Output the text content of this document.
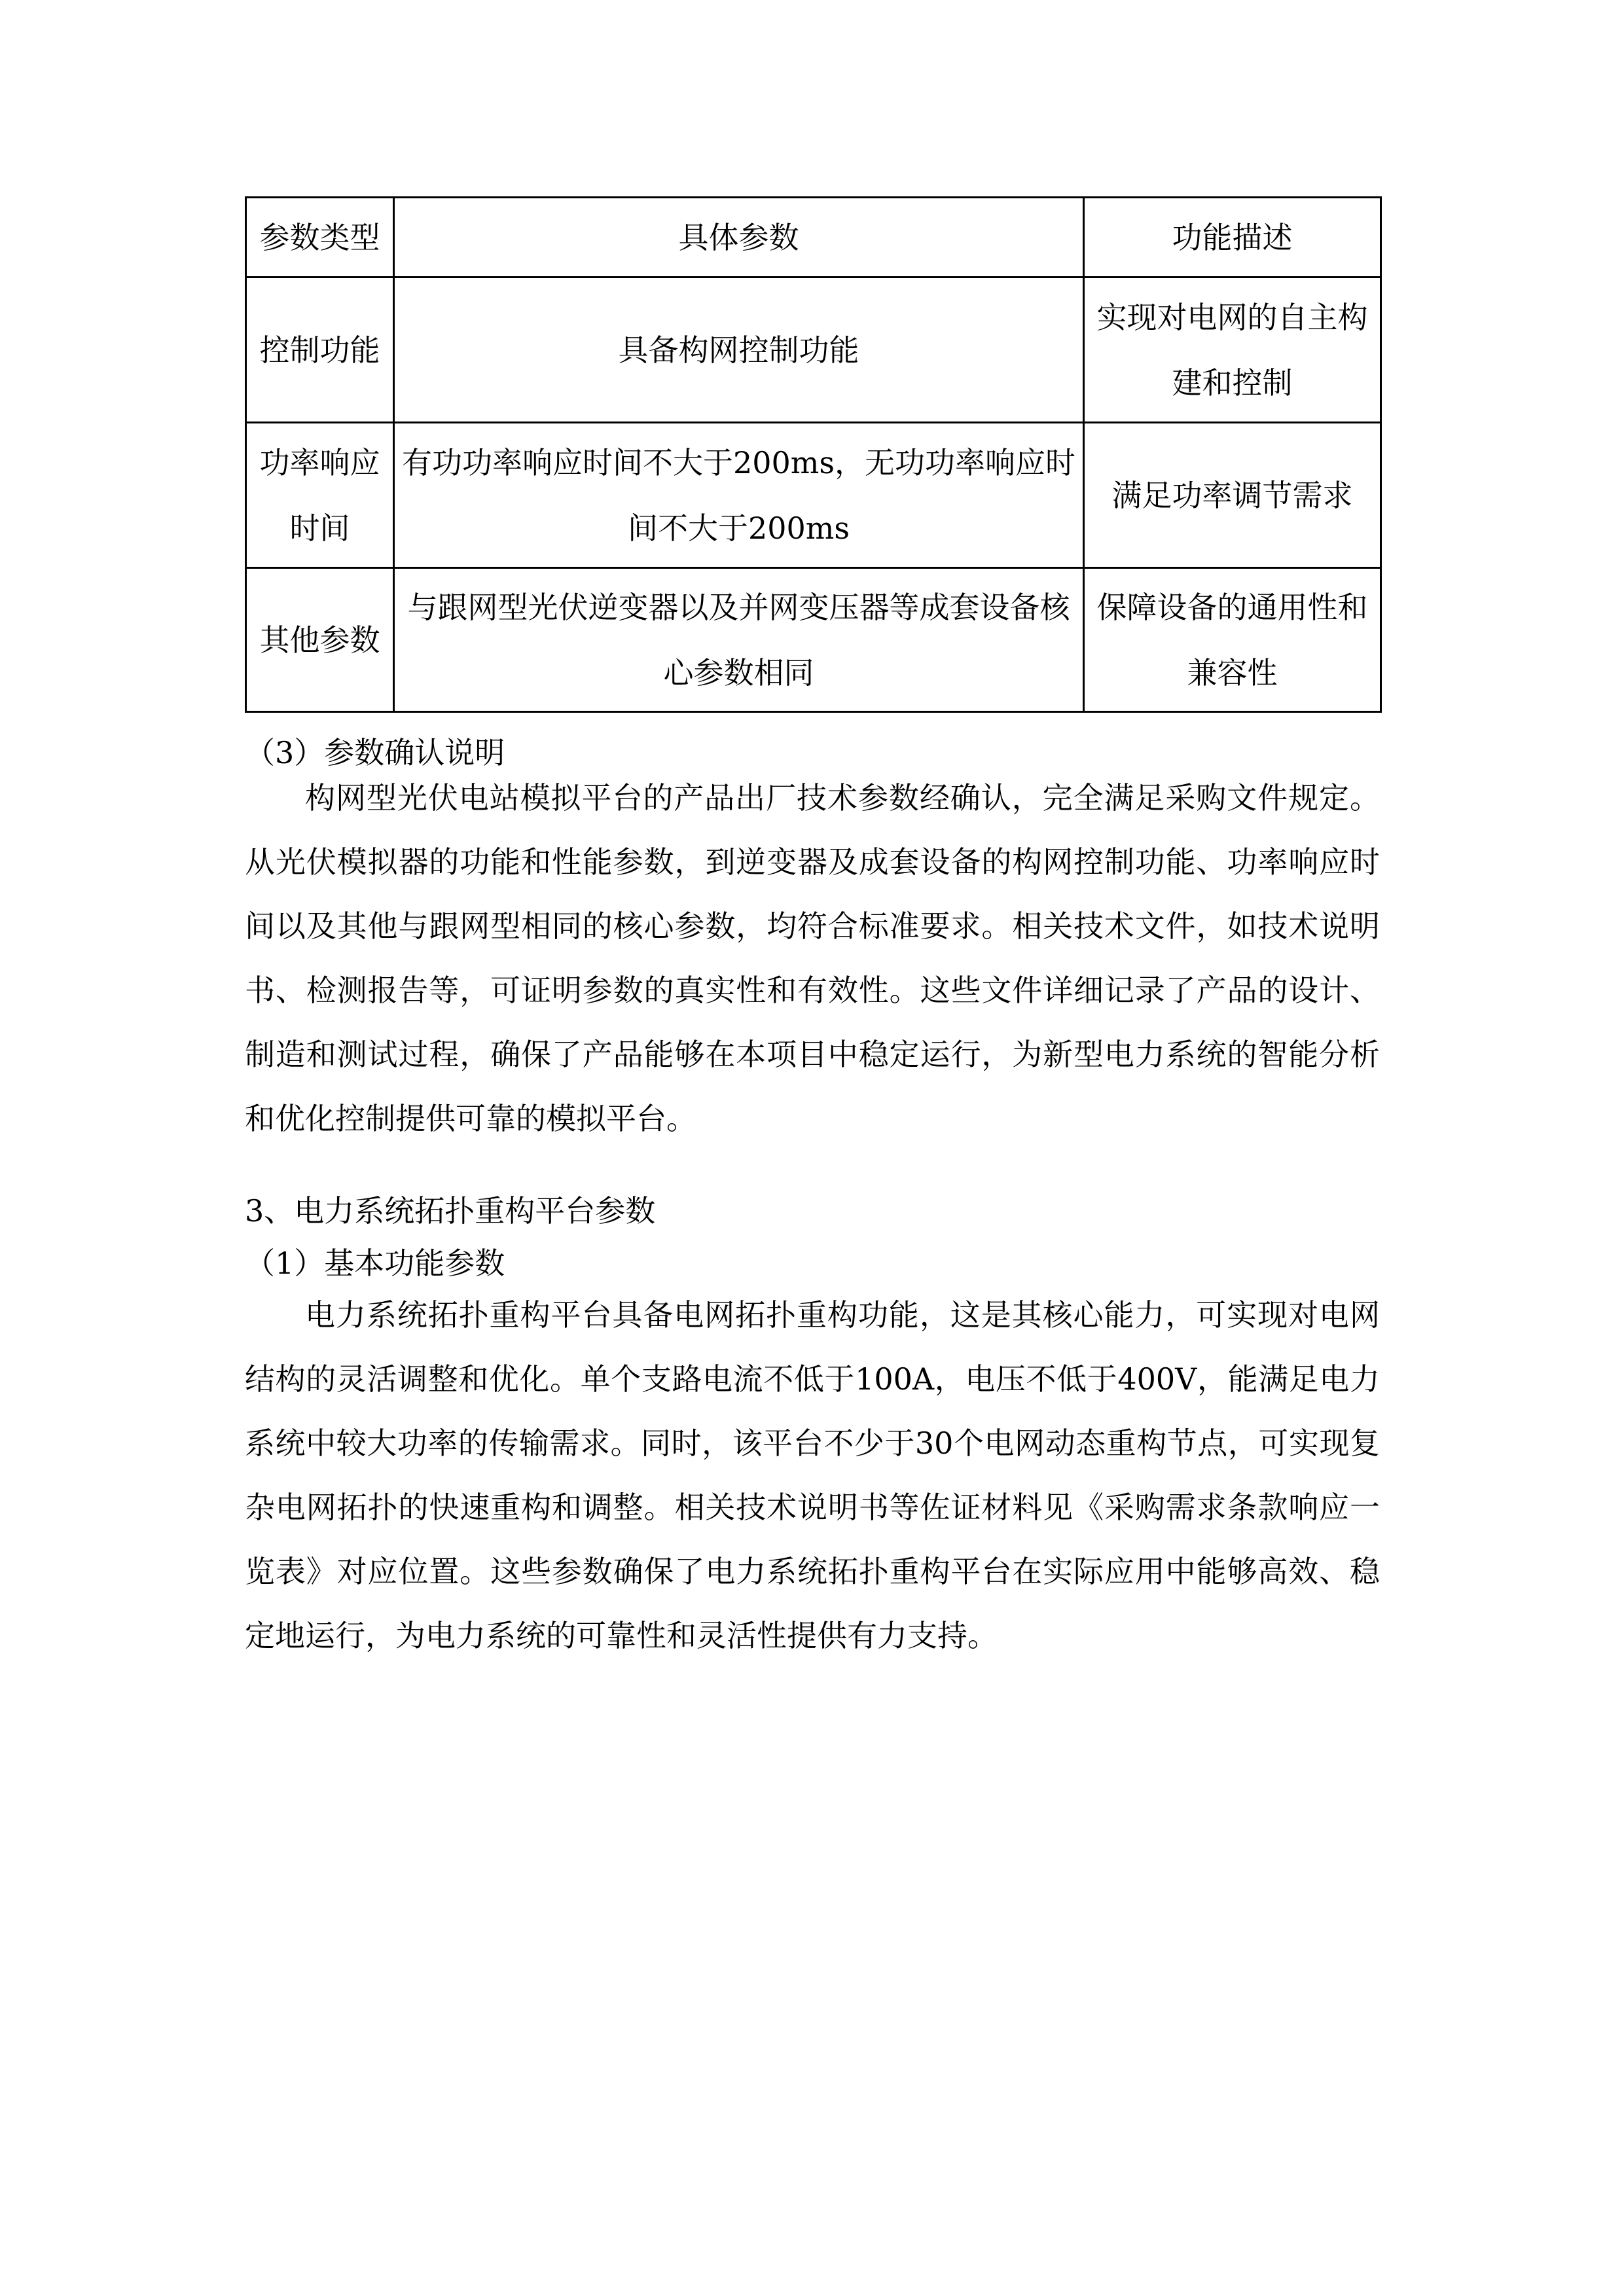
参数类型	具体参数	功能描述
控制功能	具备构网控制功能	实现对电网的自主构建和控制
功率响应时间	有功功率响应时间不大于200ms，无功功率响应时间不大于200ms	满足功率调节需求
其他参数	与跟网型光伏逆变器以及并网变压器等成套设备核心参数相同	保障设备的通用性和兼容性
（3）参数确认说明

构网型光伏电站模拟平台的产品出厂技术参数经确认，完全满足采购文件规定。从光伏模拟器的功能和性能参数，到逆变器及成套设备的构网控制功能、功率响应时间以及其他与跟网型相同的核心参数，均符合标准要求。相关技术文件，如技术说明书、检测报告等，可证明参数的真实性和有效性。这些文件详细记录了产品的设计、制造和测试过程，确保了产品能够在本项目中稳定运行，为新型电力系统的智能分析和优化控制提供可靠的模拟平台。

3、电力系统拓扑重构平台参数
（1）基本功能参数

电力系统拓扑重构平台具备电网拓扑重构功能，这是其核心能力，可实现对电网结构的灵活调整和优化。单个支路电流不低于100A，电压不低于400V，能满足电力系统中较大功率的传输需求。同时，该平台不少于30个电网动态重构节点，可实现复杂电网拓扑的快速重构和调整。相关技术说明书等佐证材料见《采购需求条款响应一览表》对应位置。这些参数确保了电力系统拓扑重构平台在实际应用中能够高效、稳定地运行，为电力系统的可靠性和灵活性提供有力支持。
